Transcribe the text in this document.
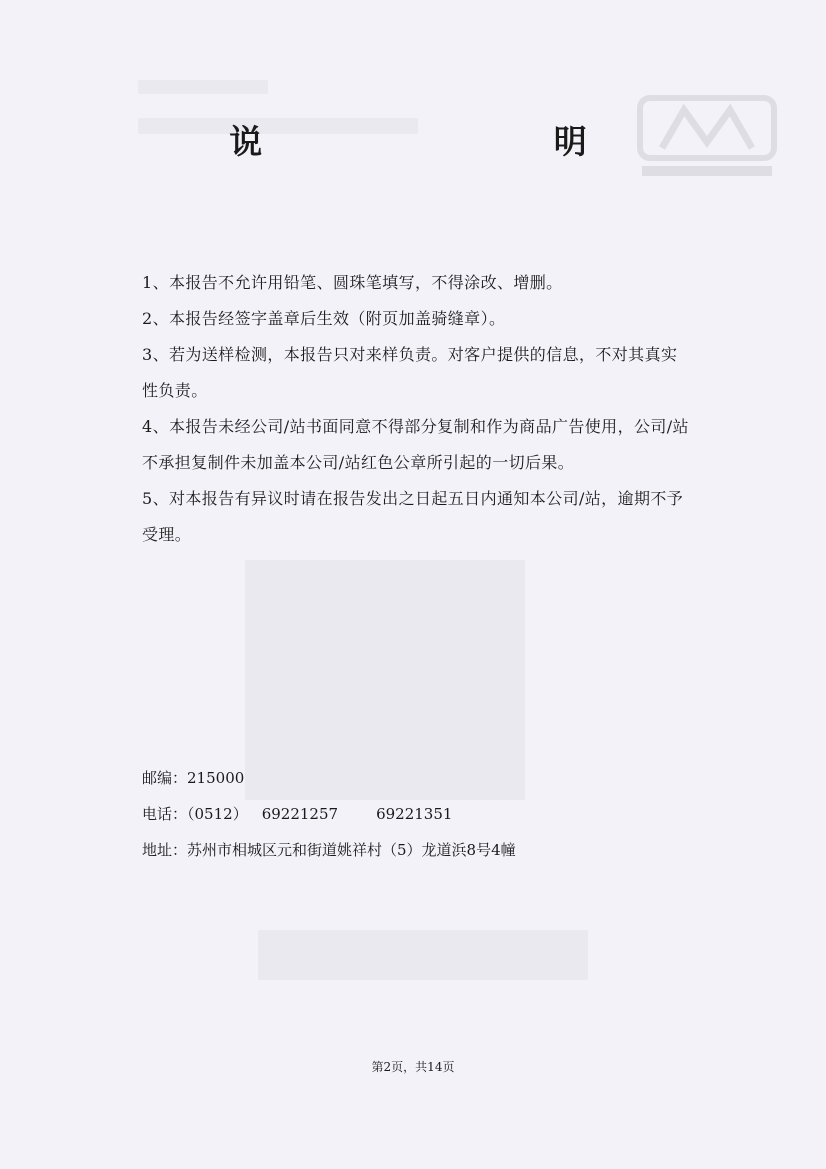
说 明

1、本报告不允许用铅笔、圆珠笔填写，不得涂改、增删。

2、本报告经签字盖章后生效（附页加盖骑缝章）。

3、若为送样检测，本报告只对来样负责。对客户提供的信息，不对其真实性负责。

4、本报告未经公司/站书面同意不得部分复制和作为商品广告使用，公司/站不承担复制件未加盖本公司/站红色公章所引起的一切后果。

5、对本报告有异议时请在报告发出之日起五日内通知本公司/站，逾期不予受理。

邮编：215000
电话：（0512） 69221257	69221351
地址：苏州市相城区元和街道姚祥村（5）龙道浜8号4幢
第2页，共14页
